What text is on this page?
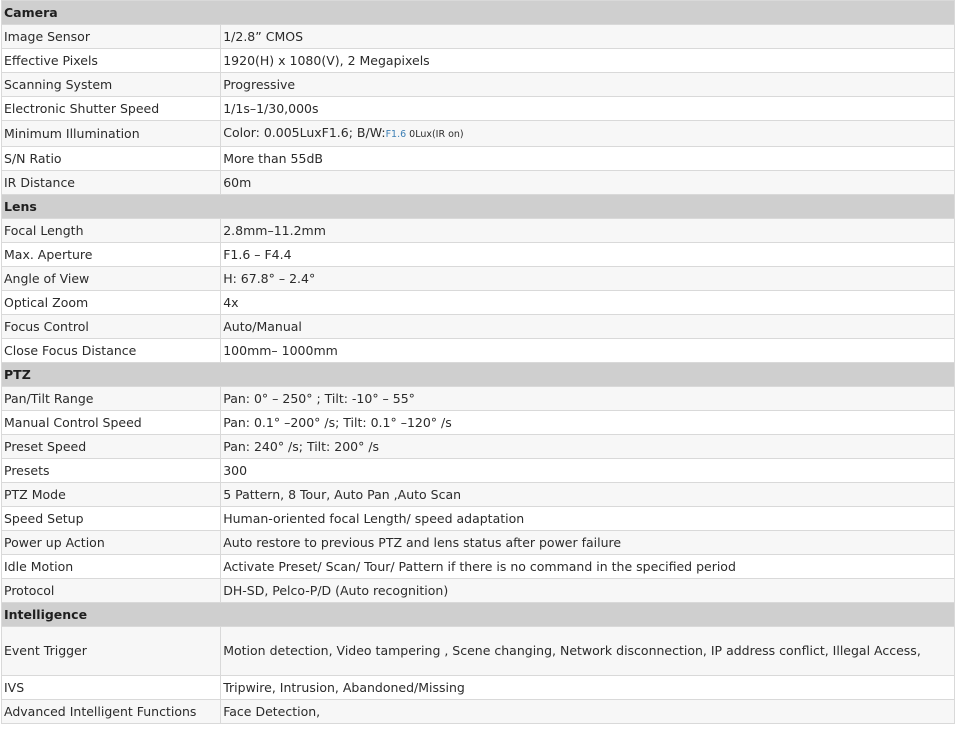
Camera	
Image Sensor	1/2.8” CMOS
Effective Pixels	1920(H) x 1080(V), 2 Megapixels
Scanning System	Progressive
Electronic Shutter Speed	1/1s–1/30,000s
Minimum Illumination	Color: 0.005LuxF1.6; B/W:F1.6 0Lux(IR on)
S/N Ratio	More than 55dB
IR Distance	60m
Lens	
Focal Length	2.8mm–11.2mm
Max. Aperture	F1.6 – F4.4
Angle of View	H: 67.8° – 2.4°
Optical Zoom	4x
Focus Control	Auto/Manual
Close Focus Distance	100mm– 1000mm
PTZ	
Pan/Tilt Range	Pan: 0° – 250° ; Tilt: -10° – 55°
Manual Control Speed	Pan: 0.1° –200° /s; Tilt: 0.1° –120° /s
Preset Speed	Pan: 240° /s; Tilt: 200° /s
Presets	300
PTZ Mode	5 Pattern, 8 Tour, Auto Pan ,Auto Scan
Speed Setup	Human-oriented focal Length/ speed adaptation
Power up Action	Auto restore to previous PTZ and lens status after power failure
Idle Motion	Activate Preset/ Scan/ Tour/ Pattern if there is no command in the specified period
Protocol	DH-SD, Pelco-P/D (Auto recognition)
Intelligence	
Event Trigger	Motion detection, Video tampering , Scene changing, Network disconnection, IP address conflict, Illegal Access,
IVS	Tripwire, Intrusion, Abandoned/Missing
Advanced Intelligent Functions	Face Detection,
